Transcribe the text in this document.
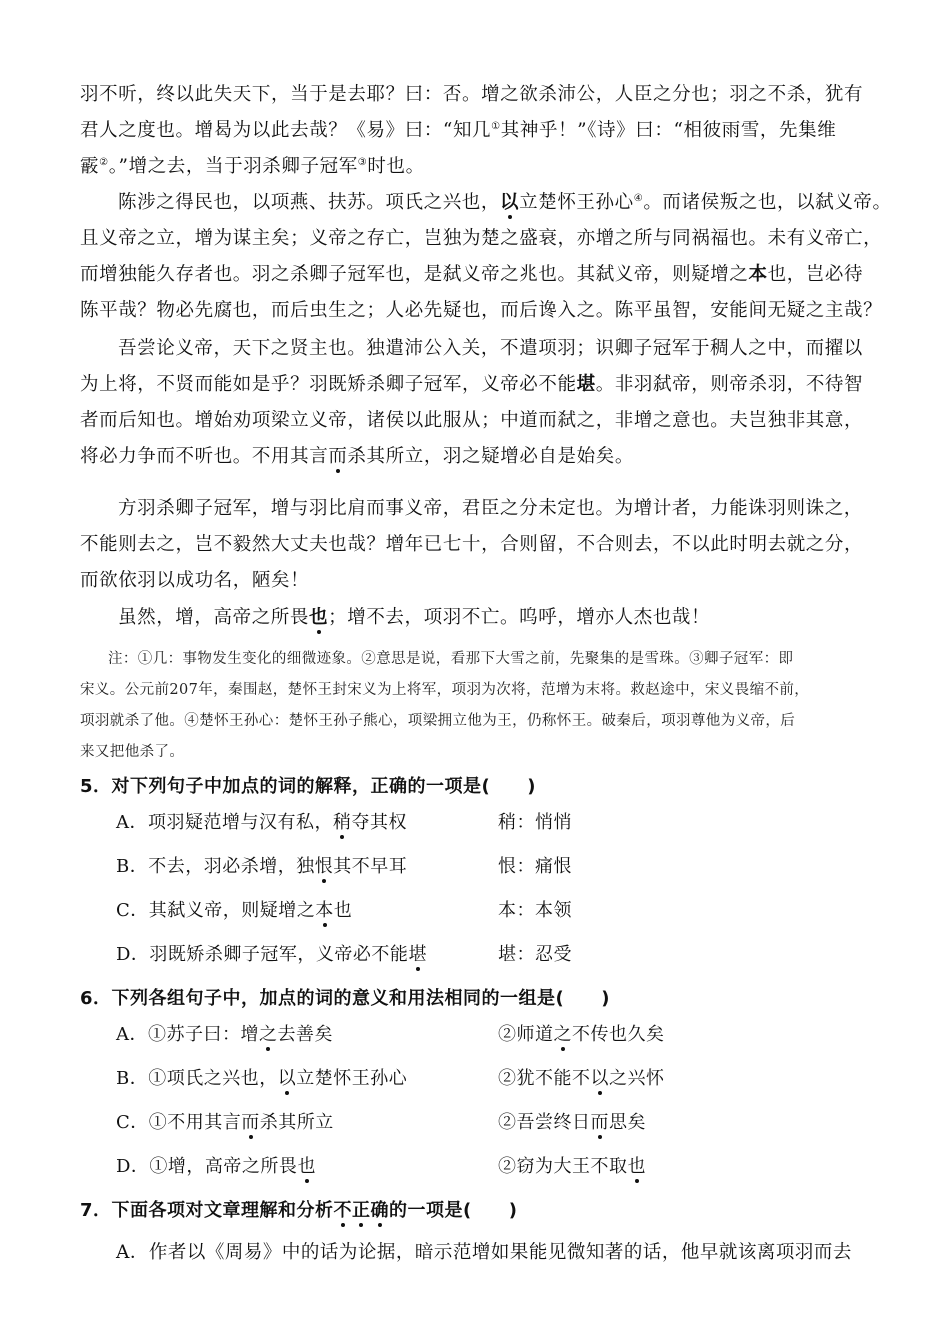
羽不听，终以此失天下，当于是去耶？曰：否。增之欲杀沛公，人臣之分也；羽之不杀，犹有
君人之度也。增曷为以此去哉？《易》曰：“知几①其神乎！”《诗》曰：“相彼雨雪，先集维
霰②。”增之去，当于羽杀卿子冠军③时也。
陈涉之得民也，以项燕、扶苏。项氏之兴也，以立楚怀王孙心④。而诸侯叛之也，以弑义帝。
且义帝之立，增为谋主矣；义帝之存亡，岂独为楚之盛衰，亦增之所与同祸福也。未有义帝亡，
而增独能久存者也。羽之杀卿子冠军也，是弑义帝之兆也。其弑义帝，则疑增之本也，岂必待
陈平哉？物必先腐也，而后虫生之；人必先疑也，而后谗入之。陈平虽智，安能间无疑之主哉？
吾尝论义帝，天下之贤主也。独遣沛公入关，不遣项羽；识卿子冠军于稠人之中，而擢以
为上将，不贤而能如是乎？羽既矫杀卿子冠军，义帝必不能堪。非羽弑帝，则帝杀羽，不待智
者而后知也。增始劝项梁立义帝，诸侯以此服从；中道而弑之，非增之意也。夫岂独非其意，
将必力争而不听也。不用其言而杀其所立，羽之疑增必自是始矣。
方羽杀卿子冠军，增与羽比肩而事义帝，君臣之分未定也。为增计者，力能诛羽则诛之，
不能则去之，岂不毅然大丈夫也哉？增年已七十，合则留，不合则去，不以此时明去就之分，
而欲依羽以成功名，陋矣！
虽然，增，高帝之所畏也；增不去，项羽不亡。呜呼，增亦人杰也哉！
注：①几：事物发生变化的细微迹象。②意思是说，看那下大雪之前，先聚集的是雪珠。③卿子冠军：即
宋义。公元前207年，秦围赵，楚怀王封宋义为上将军，项羽为次将，范增为末将。救赵途中，宋义畏缩不前，
项羽就杀了他。④楚怀王孙心：楚怀王孙子熊心，项梁拥立他为王，仍称怀王。破秦后，项羽尊他为义帝，后
来又把他杀了。
5．对下列句子中加点的词的解释，正确的一项是(　　)
A．项羽疑范增与汉有私，稍夺其权	稍：悄悄
B．不去，羽必杀增，独恨其不早耳	恨：痛恨
C．其弑义帝，则疑增之本也	本：本领
D．羽既矫杀卿子冠军，义帝必不能堪	堪：忍受
6．下列各组句子中，加点的词的意义和用法相同的一组是(　　)
A．①苏子曰：增之去善矣	②师道之不传也久矣
B．①项氏之兴也，以立楚怀王孙心	②犹不能不以之兴怀
C．①不用其言而杀其所立	②吾尝终日而思矣
D．①增，高帝之所畏也	②窃为大王不取也
7．下面各项对文章理解和分析不正确的一项是(　　)
A．作者以《周易》中的话为论据，暗示范增如果能见微知著的话，他早就该离项羽而去
